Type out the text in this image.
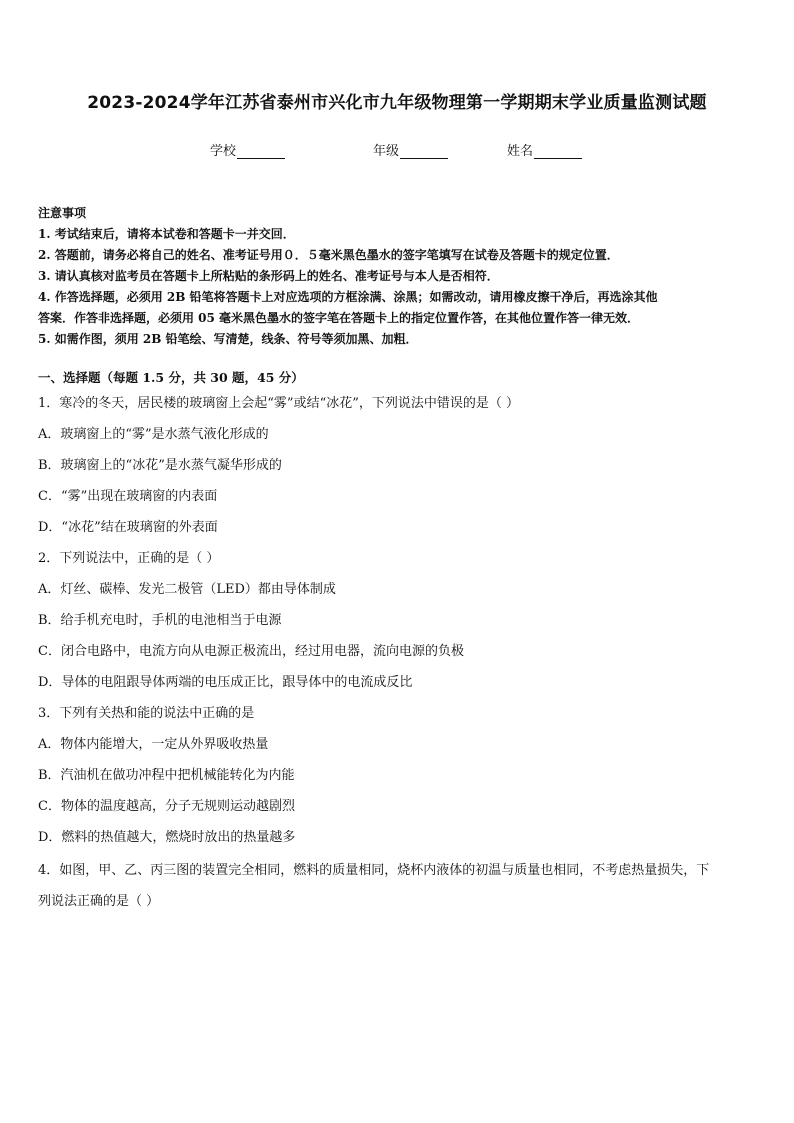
2023-2024学年江苏省泰州市兴化市九年级物理第一学期期末学业质量监测试题
学校	年级	姓名
注意事项
1. 考试结束后，请将本试卷和答题卡一并交回．
2. 答题前，请务必将自己的姓名、准考证号用０．５毫米黑色墨水的签字笔填写在试卷及答题卡的规定位置．
3. 请认真核对监考员在答题卡上所粘贴的条形码上的姓名、准考证号与本人是否相符．
4. 作答选择题，必须用 2B 铅笔将答题卡上对应选项的方框涂满、涂黑；如需改动，请用橡皮擦干净后，再选涂其他
答案．作答非选择题，必须用 05 毫米黑色墨水的签字笔在答题卡上的指定位置作答，在其他位置作答一律无效．
5. 如需作图，须用 2B 铅笔绘、写清楚，线条、符号等须加黑、加粗．
一、选择题（每题 1.5 分，共 30 题，45 分）
1．寒冷的冬天，居民楼的玻璃窗上会起“雾”或结“冰花”，下列说法中错误的是（ ）
A．玻璃窗上的“雾”是水蒸气液化形成的
B．玻璃窗上的“冰花”是水蒸气凝华形成的
C．“雾”出现在玻璃窗的内表面
D．“冰花”结在玻璃窗的外表面
2．下列说法中，正确的是（ ）
A．灯丝、碳棒、发光二极管（LED）都由导体制成
B．给手机充电时，手机的电池相当于电源
C．闭合电路中，电流方向从电源正极流出，经过用电器，流向电源的负极
D．导体的电阻跟导体两端的电压成正比，跟导体中的电流成反比
3．下列有关热和能的说法中正确的是
A．物体内能增大，一定从外界吸收热量
B．汽油机在做功冲程中把机械能转化为内能
C．物体的温度越高，分子无规则运动越剧烈
D．燃料的热值越大，燃烧时放出的热量越多
4．如图，甲、乙、丙三图的装置完全相同，燃料的质量相同，烧杯内液体的初温与质量也相同，不考虑热量损失，下
列说法正确的是（ ）
